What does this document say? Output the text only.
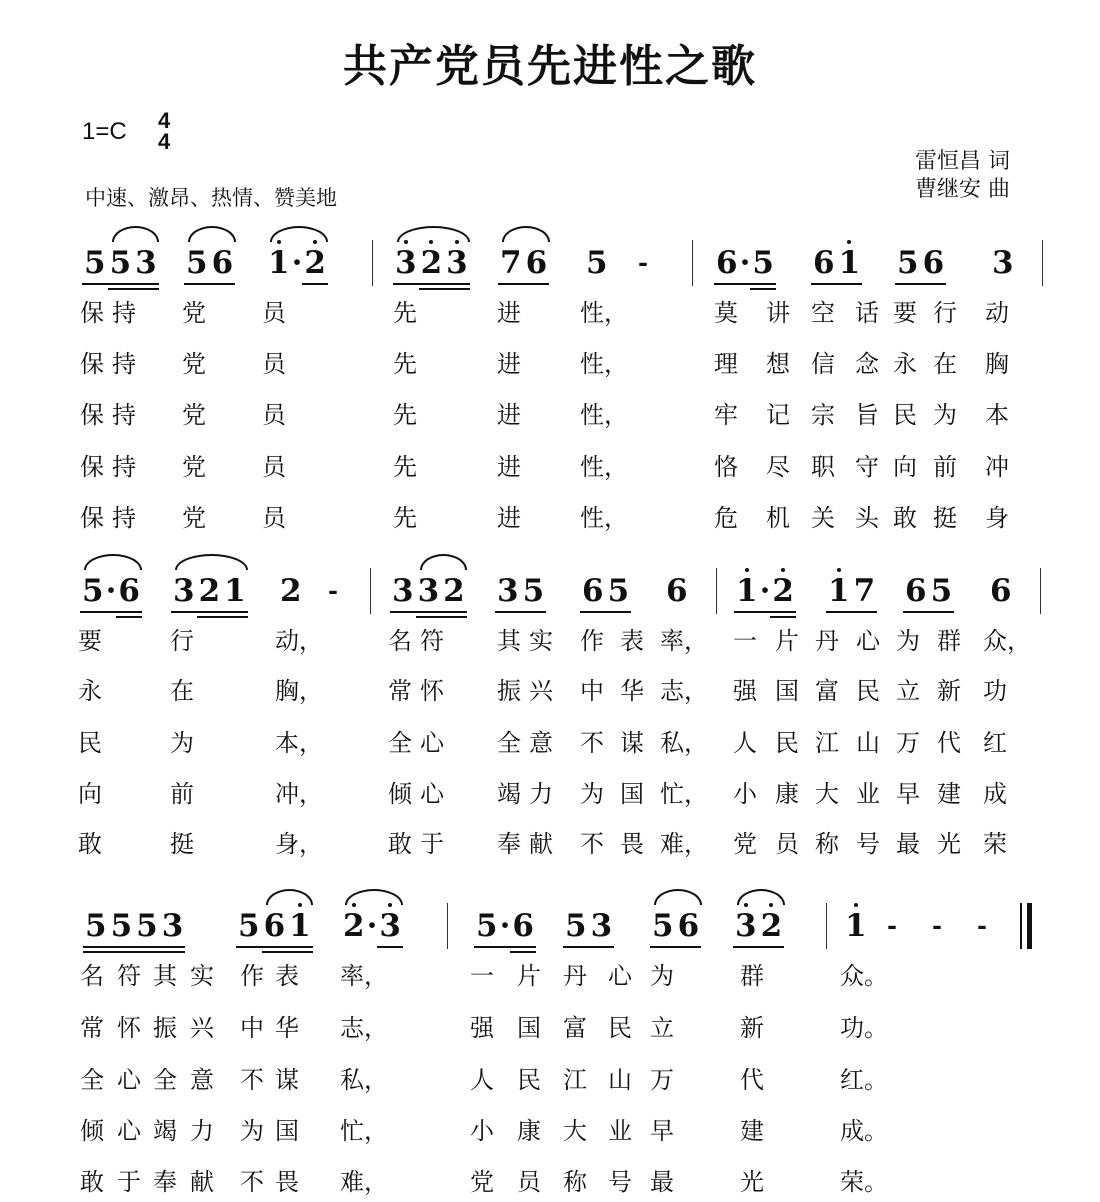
共产党员先进性之歌
1=C 4
4
中速、激昂、热情、赞美地
雷恒昌 词
曹继安 曲
5 5 3 5 6 1 · 2 3 2 3 7 6 5 - 6 · 5 6 1 5 6 3
保持 党 员	先	进 性，	莫 讲 空 话 要 行 动
保持 党 员	先	进 性，	理 想 信 念 永 在 胸
保持 党 员	先	进 性，	牢 记 宗 旨 民 为 本
保持 党 员	先	进 性，	恪 尽 职 守 向 前 冲
保持 党 员	先	进 性，	危 机 关 头 敢 挺 身
5 · 6 3 2 1 2 - 3 3 2 3 5 6 5 6 1 · 2 1 7 6 5 6
要	行	动，	名符 其实 作 表 率， 一 片 丹 心 为 群 众，
永	在	胸，	常怀 振兴 中 华 志， 强 国 富 民 立 新 功
民	为	本，	全心 全意 不 谋 私， 人 民 江 山 万 代 红
向	前	冲，	倾心 竭力 为 国 忙， 小 康 大 业 早 建 成
敢	挺	身，	敢于 奉献 不 畏 难， 党 员 称 号 最 光 荣
5 5 5 3 5 6 1 2 · 3 5 · 6 5 3 5 6 3 2 1 - - -
名 符 其 实 作 表 率，	一 片 丹 心 为	群	众。
常 怀 振 兴 中 华 志，	强 国 富 民 立	新	功。
全 心 全 意 不 谋 私，	人 民 江 山 万	代	红。
倾 心 竭 力 为 国 忙，	小 康 大 业 早	建	成。
敢 于 奉 献 不 畏 难，	党 员 称 号 最	光	荣。
